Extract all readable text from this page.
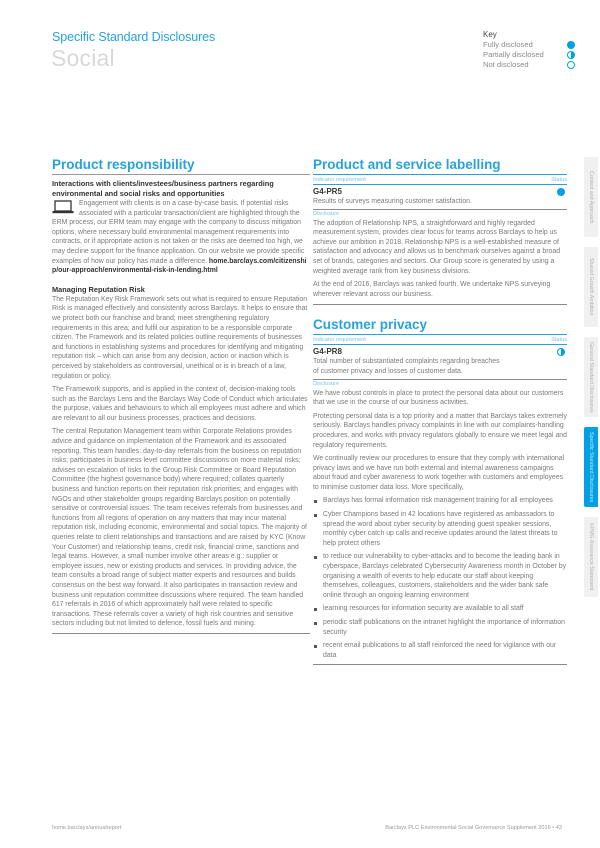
Specific Standard Disclosures
Social
Key
Fully disclosed
Partially disclosed
Not disclosed
Product responsibility
Interactions with clients/investees/business partners regarding environmental and social risks and opportunities
Engagement with clients is on a case-by-case basis. If potential risks associated with a particular transaction/client are highlighted through the ERM process, our ERM team may engage with the company to discuss mitigation options, where necessary build environmental management requirements into contracts, or if appropriate action is not taken or the risks are deemed too high, we may decline support for the finance application. On our website we provide specific examples of how our policy has made a difference. home.barclays.com/citizenship/our-approach/environmental-risk-in-lending.html
Managing Reputation Risk
The Reputation Key Risk Framework sets out what is required to ensure Reputation Risk is managed effectively and consistently across Barclays. It helps to ensure that we protect both our franchise and brand; meet strengthening regulatory requirements in this area; and fulfil our aspiration to be a responsible corporate citizen. The Framework and its related policies outline requirements of businesses and functions in establishing systems and procedures for identifying and mitigating reputation risk – which can arise from any decision, action or inaction which is perceived by stakeholders as controversial, unethical or is in breach of a law, regulation or policy.
The Framework supports, and is applied in the context of, decision-making tools such as the Barclays Lens and the Barclays Way Code of Conduct which articulates the purpose, values and behaviours to which all employees must adhere and which are relevant to all our business processes, practices and decisions.
The central Reputation Management team within Corporate Relations provides advice and guidance on implementation of the Framework and its associated reporting. This team handles: day-to-day referrals from the business on reputation risks; participates in business level committee discussions on more material risks; advises on escalation of risks to the Group Risk Committee or Board Reputation Committee (the highest governance body) where required; collates quarterly business and function reports on their reputation risk priorities; and engages with NGOs and other stakeholder groups regarding Barclays position on potentially sensitive or controversial issues. The team receives referrals from businesses and functions from all regions of operation on any matters that may incur material reputation risk, including economic, environmental and social topics. The majority of queries relate to client relationships and transactions and are raised by KYC (Know Your Customer) and relationship teams, credit risk, financial crime, sanctions and legal teams. However, a small number involve other areas e.g.: supplier or employee issues, new or existing products and services. In providing advice, the team consults a broad range of subject matter experts and resources and builds consensus on the best way forward. It also participates in transaction review and business unit reputation committee discussions where required. The team handled 617 referrals in 2016 of which approximately half were related to specific transactions. These referrals cover a variety of high risk countries and sensitive sectors including but not limited to defence, fossil fuels and mining.
Product and service labelling
Indicator requirement	Status
G4-PR5
Results of surveys measuring customer satisfaction.
Disclosure
The adoption of Relationship NPS, a straightforward and highly regarded measurement system, provides clear focus for teams across Barclays to help us achieve our ambition in 2018. Relationship NPS is a well-established measure of satisfaction and advocacy and allows us to benchmark ourselves against a broad set of brands, categories and sectors. Our Group score is generated by using a weighted average rank from key business divisions.
At the end of 2016, Barclays was ranked fourth. We undertake NPS surveying wherever relevant across our business.
Customer privacy
Indicator requirement	Status
G4-PR8
Total number of substantiated complaints regarding breaches of customer privacy and losses of customer data.
Disclosure
We have robust controls in place to protect the personal data about our customers that we use in the course of our business activities.
Protecting personal data is a top priority and a matter that Barclays takes extremely seriously. Barclays handles privacy complaints in line with our complaints-handling procedures, and works with privacy regulators globally to ensure we meet legal and regulatory requirements.
We continually review our procedures to ensure that they comply with international privacy laws and we have run both external and internal awareness campaigns about fraud and cyber awareness to work together with customers and employees to minimise customer data loss. More specifically,
Barclays has formal information risk management training for all employees
Cyber Champions based in 42 locations have registered as ambassadors to spread the word about cyber security by attending guest speaker sessions, monthly cyber catch up calls and receive updates around the latest threats to help protect others
to reduce our vulnerability to cyber-attacks and to become the leading bank in cyberspace, Barclays celebrated Cybersecurity Awareness month in October by organising a wealth of events to help educate our staff about keeping themselves, colleagues, customers, stakeholders and the wider bank safe online through an ongoing learning environment
learning resources for information security are available to all staff
periodic staff publications on the intranet highlight the importance of information security
recent email publications to all staff reinforced the need for vigilance with our data
Context and Approach
Shared Growth Ambition
General Standard Disclosures
Specific Standard Disclosures
KPMG Assurance Statement
home.barclays/annualreport	Barclays PLC Environmental Social Governance Supplement 2016 • 43
